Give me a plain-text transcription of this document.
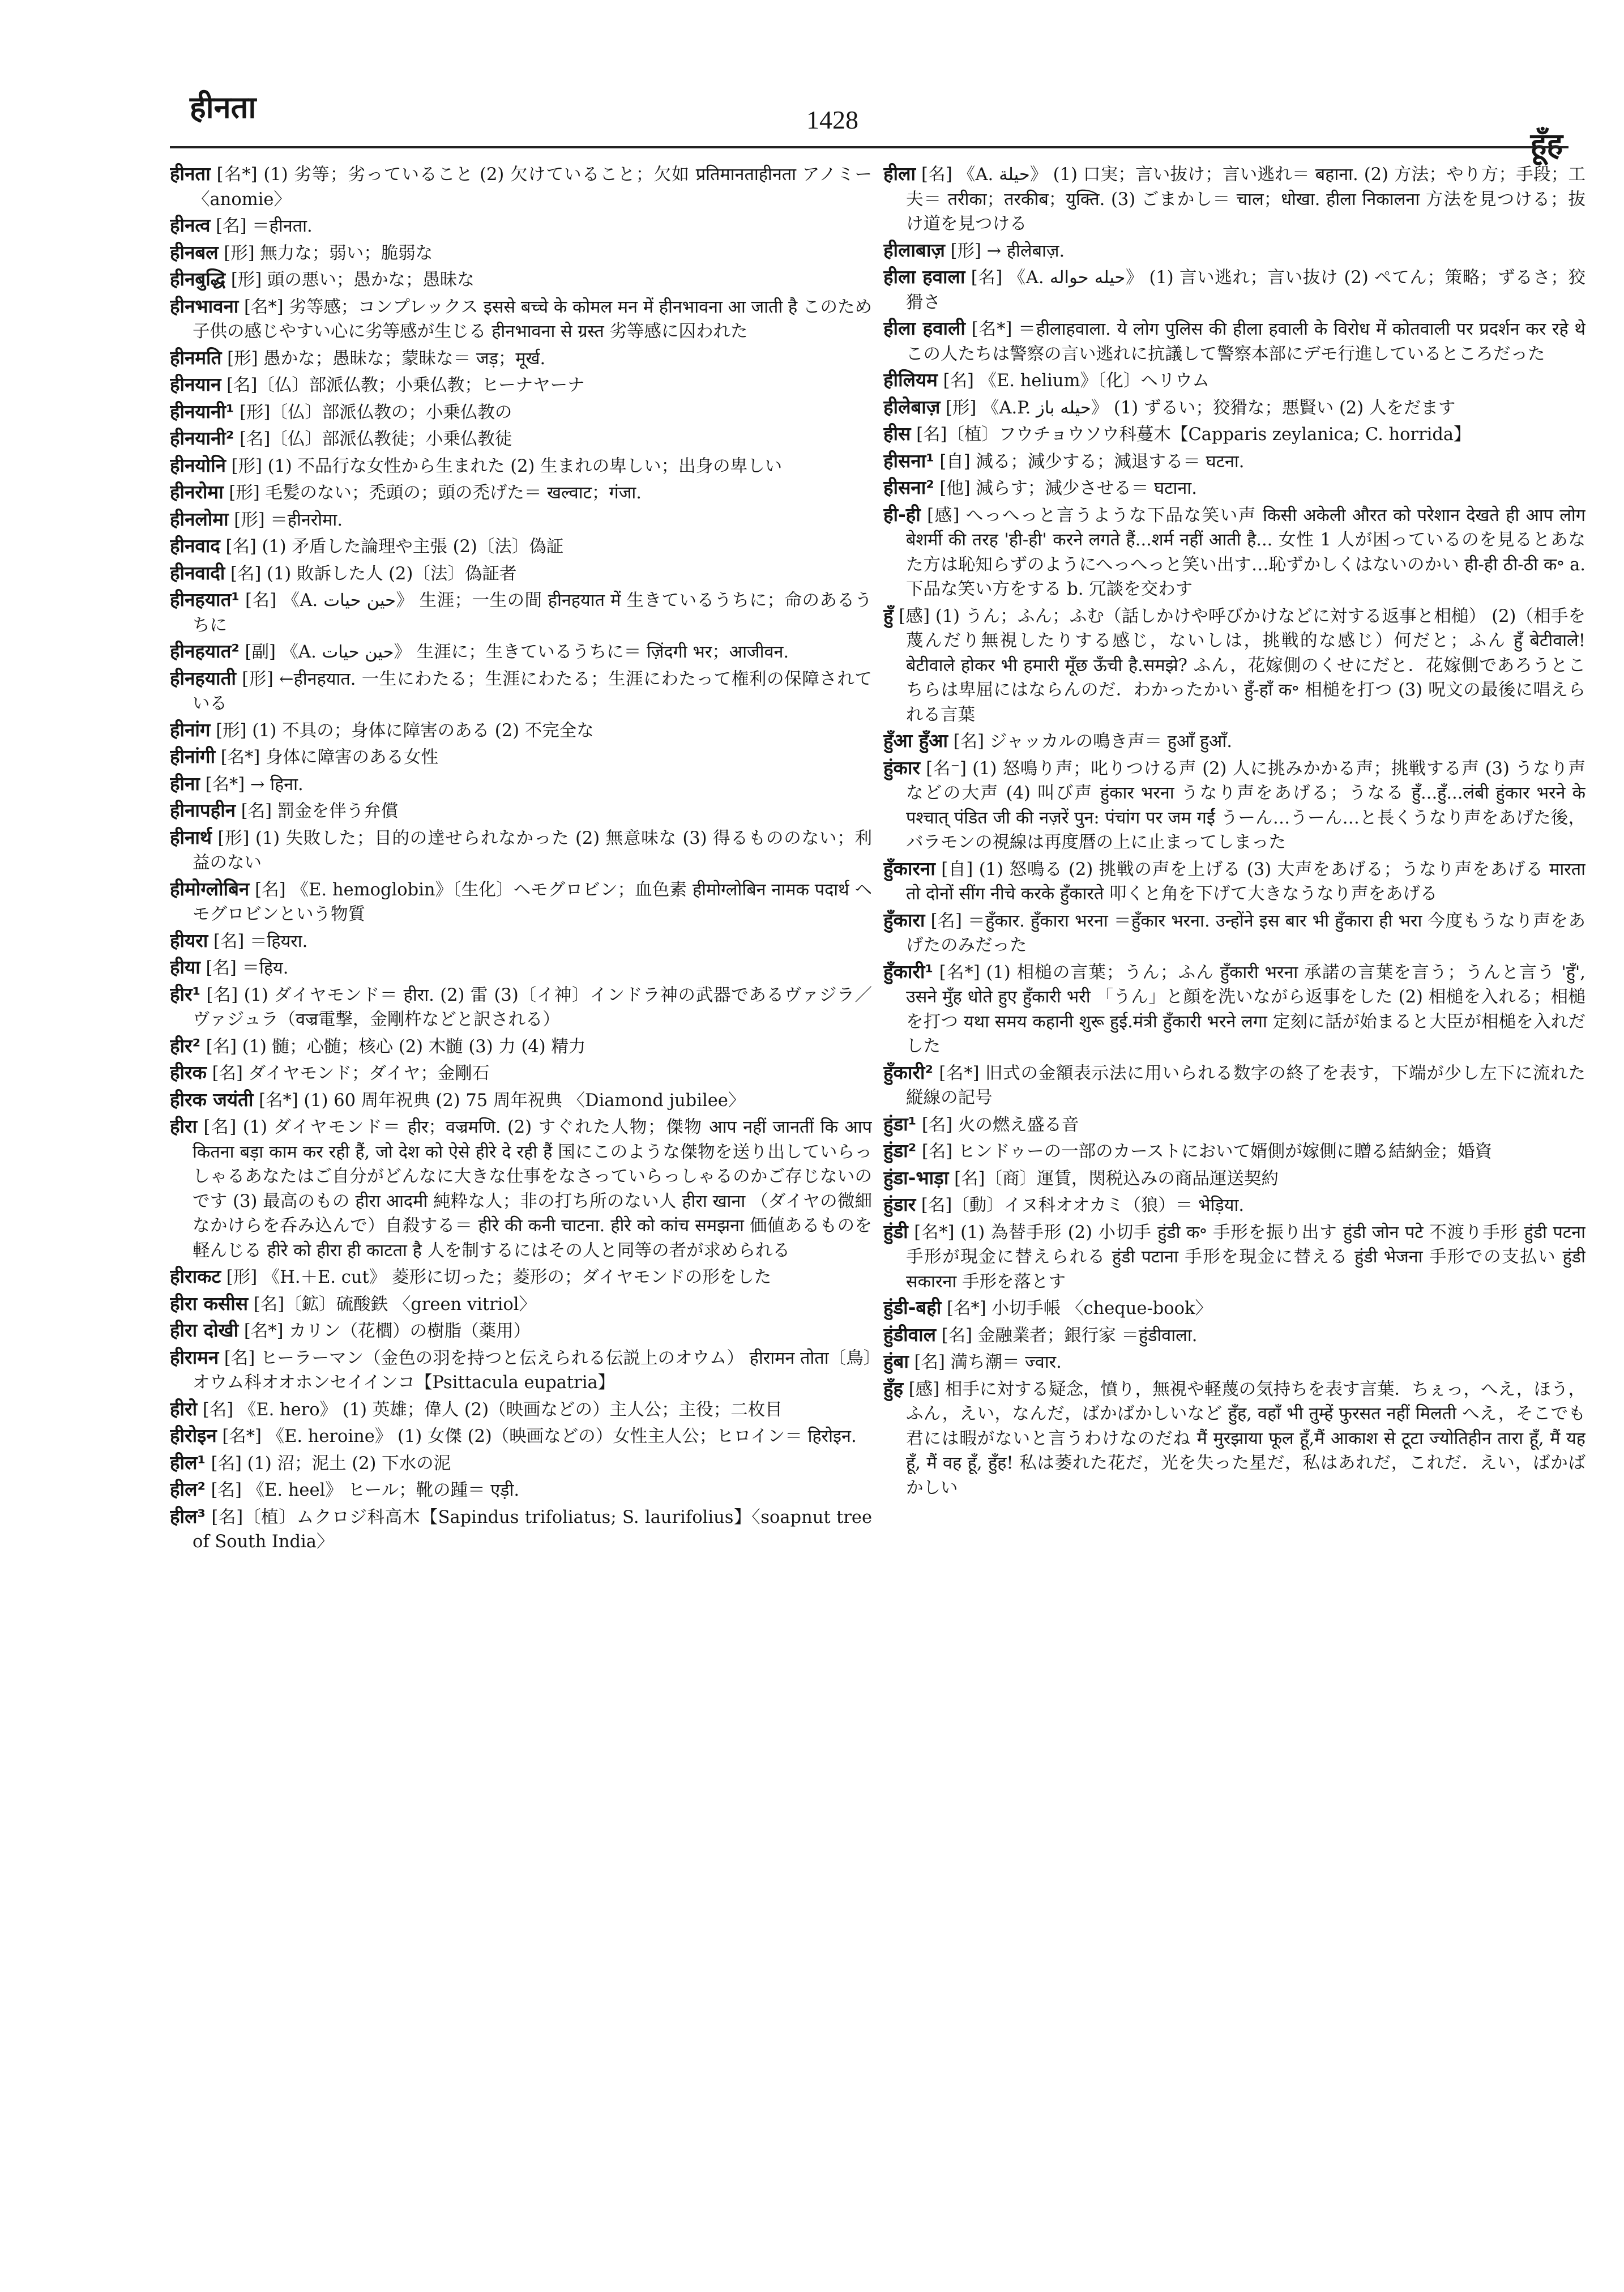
हीनता	1428
हूँह
हीनता [名*] (1) 劣等；劣っていること (2) 欠けていること；欠如 प्रतिमानताहीनता アノミー 〈anomie〉
हीनत्व [名] ＝हीनता.
हीनबल [形] 無力な；弱い；脆弱な
हीनबुद्धि [形] 頭の悪い；愚かな；愚昧な
हीनभावना [名*] 劣等感；コンプレックス इससे बच्चे के कोमल मन में हीनभावना आ जाती है このため子供の感じやすい心に劣等感が生じる हीनभावना से ग्रस्त 劣等感に囚われた
हीनमति [形] 愚かな；愚昧な；蒙昧な＝ जड़；मूर्ख.
हीनयान [名]〔仏〕部派仏教；小乗仏教；ヒーナヤーナ
हीनयानी¹ [形]〔仏〕部派仏教の；小乗仏教の
हीनयानी² [名]〔仏〕部派仏教徒；小乗仏教徒
हीनयोनि [形] (1) 不品行な女性から生まれた (2) 生まれの卑しい；出身の卑しい
हीनरोमा [形] 毛髪のない；禿頭の；頭の禿げた＝ खल्वाट；गंजा.
हीनलोमा [形] ＝हीनरोमा.
हीनवाद [名] (1) 矛盾した論理や主張 (2)〔法〕偽証
हीनवादी [名] (1) 敗訴した人 (2)〔法〕偽証者
हीनहयात¹ [名] 《A. حين حيات》 生涯；一生の間 हीनहयात में 生きているうちに；命のあるうちに
हीनहयात² [副] 《A. حين حيات》 生涯に；生きているうちに＝ ज़िंदगी भर；आजीवन.
हीनहयाती [形] ←हीनहयात. 一生にわたる；生涯にわたる；生涯にわたって権利の保障されている
हीनांग [形] (1) 不具の；身体に障害のある (2) 不完全な
हीनांगी [名*] 身体に障害のある女性
हीना [名*] → हिना.
हीनापहीन [名] 罰金を伴う弁償
हीनार्थ [形] (1) 失敗した；目的の達せられなかった (2) 無意味な (3) 得るもののない；利益のない
हीमोग्लोबिन [名] 《E. hemoglobin》〔生化〕ヘモグロビン；血色素 हीमोग्लोबिन नामक पदार्थ ヘモグロビンという物質
हीयरा [名] ＝हियरा.
हीया [名] ＝हिय.
हीर¹ [名] (1) ダイヤモンド＝ हीरा. (2) 雷 (3)〔イ神〕インドラ神の武器であるヴァジラ／ヴァジュラ（वज्र電撃，金剛杵などと訳される）
हीर² [名] (1) 髄；心髄；核心 (2) 木髄 (3) 力 (4) 精力
हीरक [名] ダイヤモンド；ダイヤ；金剛石
हीरक जयंती [名*] (1) 60 周年祝典 (2) 75 周年祝典 〈Diamond jubilee〉
हीरा [名] (1) ダイヤモンド＝ हीर；वज्रमणि. (2) すぐれた人物；傑物 आप नहीं जानतीं कि आप कितना बड़ा काम कर रही हैं, जो देश को ऐसे हीरे दे रही हैं 国にこのような傑物を送り出していらっしゃるあなたはご自分がどんなに大きな仕事をなさっていらっしゃるのかご存じないのです (3) 最高のもの हीरा आदमी 純粋な人；非の打ち所のない人 हीरा खाना （ダイヤの微細なかけらを呑み込んで）自殺する＝ हीरे की कनी चाटना. हीरे को कांच समझना 価値あるものを軽んじる हीरे को हीरा ही काटता है 人を制するにはその人と同等の者が求められる
हीराकट [形] 《H.＋E. cut》 菱形に切った；菱形の；ダイヤモンドの形をした
हीरा कसीस [名]〔鉱〕硫酸鉄 〈green vitriol〉
हीरा दोखी [名*] カリン（花櫚）の樹脂（薬用）
हीरामन [名] ヒーラーマン（金色の羽を持つと伝えられる伝説上のオウム） हीरामन तोता〔鳥〕オウム科オオホンセイインコ【Psittacula eupatria】
हीरो [名] 《E. hero》 (1) 英雄；偉人 (2)（映画などの）主人公；主役；二枚目
हीरोइन [名*] 《E. heroine》 (1) 女傑 (2)（映画などの）女性主人公；ヒロイン＝ हिरोइन.
हील¹ [名] (1) 沼；泥土 (2) 下水の泥
हील² [名] 《E. heel》 ヒール；靴の踵＝ एड़ी.
हील³ [名]〔植〕ムクロジ科高木【Sapindus trifoliatus; S. laurifolius】〈soapnut tree of South India〉
हीला [名] 《A. حيلة》 (1) 口実；言い抜け；言い逃れ＝ बहाना. (2) 方法；やり方；手段；工夫＝ तरीका；तरकीब；युक्ति. (3) ごまかし＝ चाल；धोखा. हीला निकालना 方法を見つける；抜け道を見つける
हीलाबाज़ [形] → हीलेबाज़.
हीला हवाला [名] 《A. حيله حواله》 (1) 言い逃れ；言い抜け (2) ペてん；策略；ずるさ；狡猾さ
हीला हवाली [名*] ＝हीलाहवाला. ये लोग पुलिस की हीला हवाली के विरोध में कोतवाली पर प्रदर्शन कर रहे थे この人たちは警察の言い逃れに抗議して警察本部にデモ行進しているところだった
हीलियम [名] 《E. helium》〔化〕ヘリウム
हीलेबाज़ [形] 《A.P. حيله باز》 (1) ずるい；狡猾な；悪賢い (2) 人をだます
हीस [名]〔植〕フウチョウソウ科蔓木【Capparis zeylanica; C. horrida】
हीसना¹ [自] 減る；減少する；減退する＝ घटना.
हीसना² [他] 減らす；減少させる＝ घटाना.
ही-ही [感] へっへっと言うような下品な笑い声 किसी अकेली औरत को परेशान देखते ही आप लोग बेशर्मी की तरह 'ही-ही' करने लगते हैं...शर्म नहीं आती है... 女性 1 人が困っているのを見るとあなた方は恥知らずのようにへっへっと笑い出す…恥ずかしくはないのかい ही-ही ठी-ठी क॰ a. 下品な笑い方をする b. 冗談を交わす
हुँ [感] (1) うん；ふん；ふむ（話しかけや呼びかけなどに対する返事と相槌） (2)（相手を蔑んだり無視したりする感じ，ないしは，挑戦的な感じ）何だと；ふん हुँ बेटीवाले! बेटीवाले होकर भी हमारी मूँछ ऊँची है.समझे? ふん，花嫁側のくせにだと．花嫁側であろうとこちらは卑屈にはならんのだ．わかったかい हुँ-हाँ क॰ 相槌を打つ (3) 呪文の最後に唱えられる言葉
हुँआ हुँआ [名] ジャッカルの鳴き声＝ हुआँ हुआँ.
हुंकार [名⁻] (1) 怒鳴り声；叱りつける声 (2) 人に挑みかかる声；挑戦する声 (3) うなり声などの大声 (4) 叫び声 हुंकार भरना うなり声をあげる；うなる हुँ...हुँ...लंबी हुंकार भरने के पश्चात् पंडित जी की नज़रें पुन: पंचांग पर जम गईं うーん…うーん…と長くうなり声をあげた後，バラモンの視線は再度暦の上に止まってしまった
हुँकारना [自] (1) 怒鳴る (2) 挑戦の声を上げる (3) 大声をあげる；うなり声をあげる मारता तो दोनों सींग नीचे करके हुँकारते 叩くと角を下げて大きなうなり声をあげる
हुँकारा [名] ＝हुँकार. हुँकारा भरना ＝हुँकार भरना. उन्होंने इस बार भी हुँकारा ही भरा 今度もうなり声をあげたのみだった
हुँकारी¹ [名*] (1) 相槌の言葉；うん；ふん हुँकारी भरना 承諾の言葉を言う；うんと言う 'हुँ', उसने मुँह धोते हुए हुँकारी भरी 「うん」と顔を洗いながら返事をした (2) 相槌を入れる；相槌を打つ यथा समय कहानी शुरू हुई.मंत्री हुँकारी भरने लगा 定刻に話が始まると大臣が相槌を入れだした
हुँकारी² [名*] 旧式の金額表示法に用いられる数字の終了を表す，下端が少し左下に流れた縦線の記号
हुंडा¹ [名] 火の燃え盛る音
हुंडा² [名] ヒンドゥーの一部のカーストにおいて婿側が嫁側に贈る結納金；婚資
हुंडा-भाड़ा [名]〔商〕運賃，関税込みの商品運送契約
हुंडार [名]〔動〕イヌ科オオカミ（狼）＝ भेड़िया.
हुंडी [名*] (1) 為替手形 (2) 小切手 हुंडी क॰ 手形を振り出す हुंडी जोन पटे 不渡り手形 हुंडी पटना 手形が現金に替えられる हुंडी पटाना 手形を現金に替える हुंडी भेजना 手形での支払い हुंडी सकारना 手形を落とす
हुंडी-बही [名*] 小切手帳 〈cheque-book〉
हुंडीवाल [名] 金融業者；銀行家 ＝हुंडीवाला.
हुंबा [名] 満ち潮＝ ज्वार.
हुँह [感] 相手に対する疑念，憤り，無視や軽蔑の気持ちを表す言葉．ちぇっ，へえ，ほう，ふん，えい，なんだ，ばかばかしいなど हुँह, वहाँ भी तुम्हें फुरसत नहीं मिलती へえ，そこでも君には暇がないと言うわけなのだね मैं मुरझाया फूल हूँ,मैं आकाश से टूटा ज्योतिहीन तारा हूँ, मैं यह हूँ, मैं वह हूँ, हुँह! 私は萎れた花だ，光を失った星だ，私はあれだ，これだ．えい，ばかばかしい
